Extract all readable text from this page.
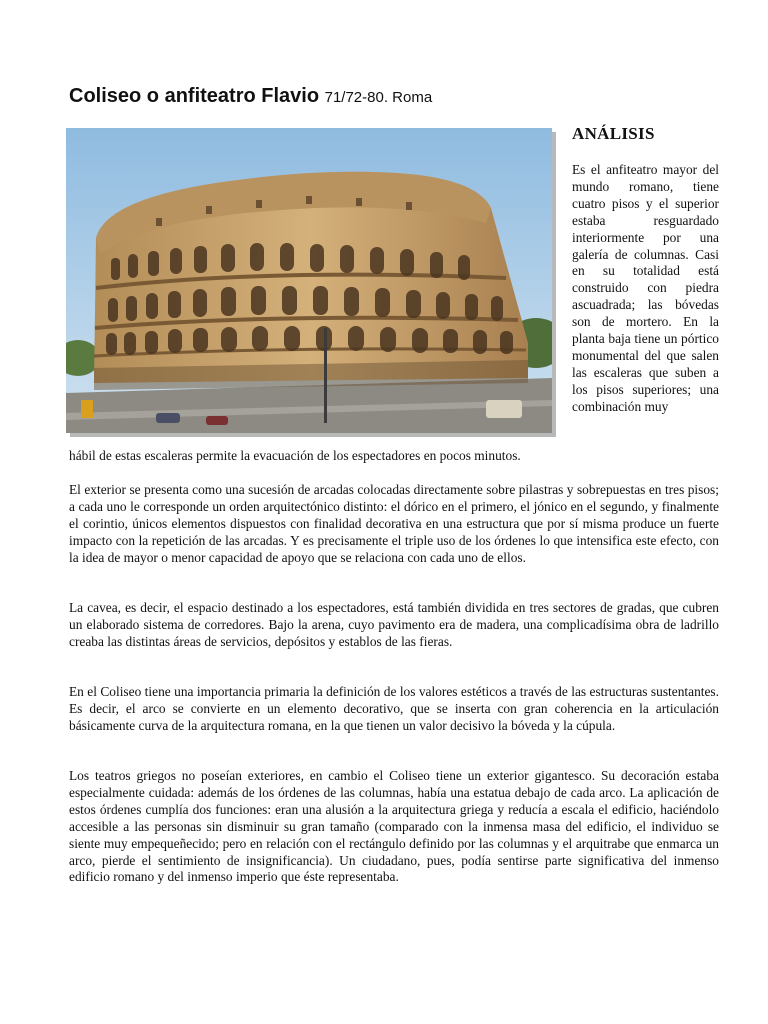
Coliseo o anfiteatro Flavio 71/72-80. Roma
ANÁLISIS

Es el anfiteatro mayor del mundo romano, tiene cuatro pisos y el superior estaba resguardado interiormente por una galería de columnas. Casi en su totalidad está construido con piedra ascuadrada; las bóvedas son de mortero. En la planta baja tiene un pórtico monumental del que salen las escaleras que suben a los pisos superiores; una combinación muy

hábil de estas escaleras permite la evacuación de los espectadores en pocos minutos.

El exterior se presenta como una sucesión de arcadas colocadas directamente sobre pilastras y sobrepuestas en tres pisos; a cada uno le corresponde un orden arquitectónico distinto: el dórico en el primero, el jónico en el segundo, y finalmente el corintio, únicos elementos dispuestos con finalidad decorativa en una estructura que por sí misma produce un fuerte impacto con la repetición de las arcadas. Y es precisamente el triple uso de los órdenes lo que intensifica este efecto, con la idea de mayor o menor capacidad de apoyo que se relaciona con cada uno de ellos.

La cavea, es decir, el espacio destinado a los espectadores, está también dividida en tres sectores de gradas, que cubren un elaborado sistema de corredores. Bajo la arena, cuyo pavimento era de madera, una complicadísima obra de ladrillo creaba las distintas áreas de servicios, depósitos y establos de las fieras.

En el Coliseo tiene una importancia primaria la definición de los valores estéticos a través de las estructuras sustentantes. Es decir, el arco se convierte en un elemento decorativo, que se inserta con gran coherencia en la articulación básicamente curva de la arquitectura romana, en la que tienen un valor decisivo la bóveda y la cúpula.

Los teatros griegos no poseían exteriores, en cambio el Coliseo tiene un exterior gigantesco. Su decoración estaba especialmente cuidada: además de los órdenes de las columnas, había una estatua debajo de cada arco. La aplicación de estos órdenes cumplía dos funciones: eran una alusión a la arquitectura griega y reducía a escala el edificio, haciéndolo accesible a las personas sin disminuir su gran tamaño (comparado con la inmensa masa del edificio, el individuo se siente muy empequeñecido; pero en relación con el rectángulo definido por las columnas y el arquitrabe que enmarca un arco, pierde el sentimiento de insignificancia). Un ciudadano, pues, podía sentirse parte significativa del inmenso edificio romano y del inmenso imperio que éste representaba.
